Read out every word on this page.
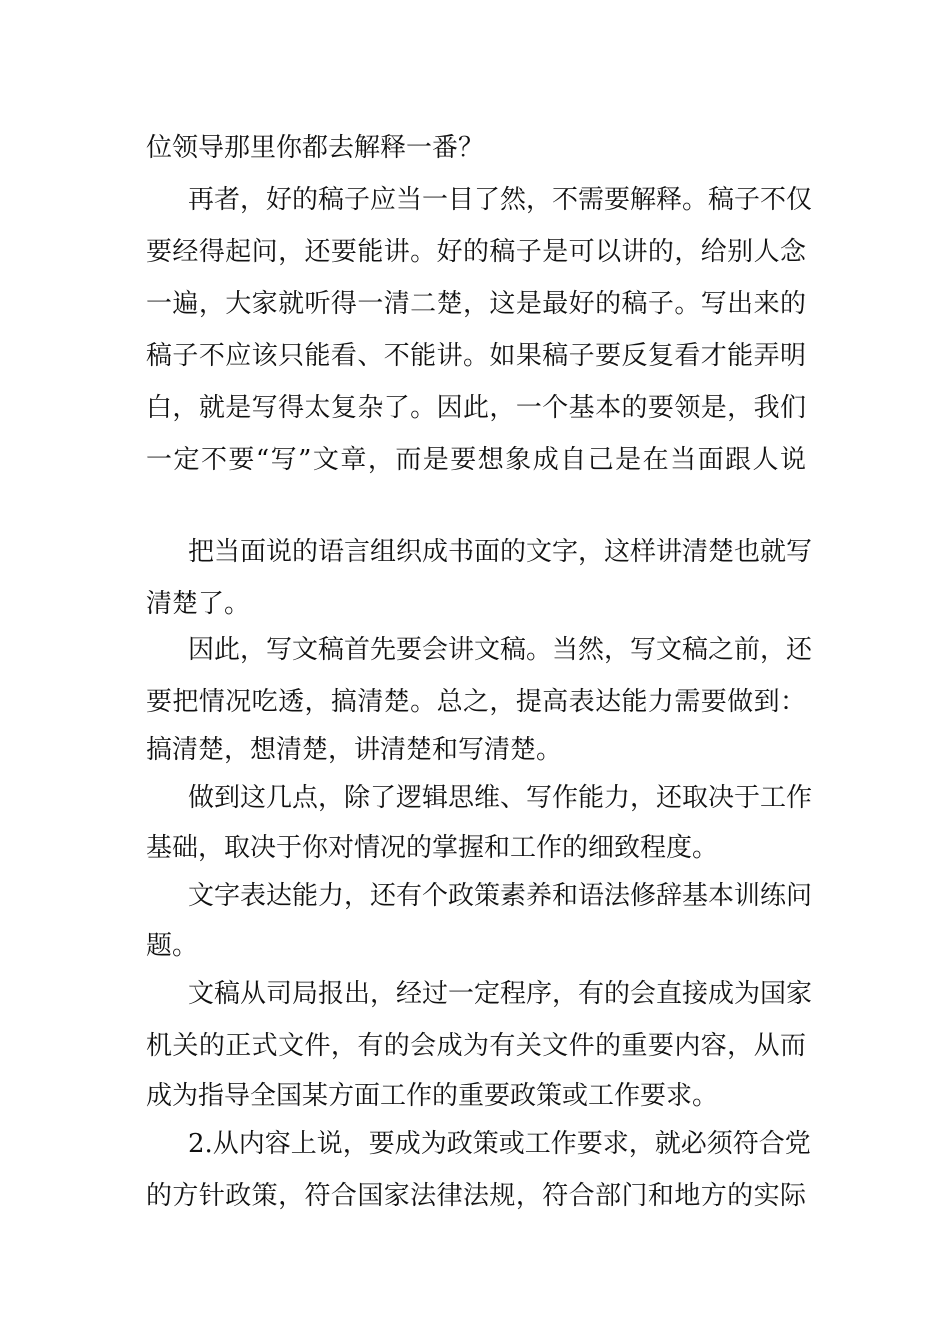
位领导那里你都去解释一番？
再者，好的稿子应当一目了然，不需要解释。稿子不仅
要经得起问，还要能讲。好的稿子是可以讲的，给别人念
一遍，大家就听得一清二楚，这是最好的稿子。写出来的
稿子不应该只能看、不能讲。如果稿子要反复看才能弄明
白，就是写得太复杂了。因此，一个基本的要领是，我们
一定不要“写”文章，而是要想象成自己是在当面跟人说
把当面说的语言组织成书面的文字，这样讲清楚也就写
清楚了。
因此，写文稿首先要会讲文稿。当然，写文稿之前，还
要把情况吃透，搞清楚。总之，提高表达能力需要做到：
搞清楚，想清楚，讲清楚和写清楚。
做到这几点，除了逻辑思维、写作能力，还取决于工作
基础，取决于你对情况的掌握和工作的细致程度。
文字表达能力，还有个政策素养和语法修辞基本训练问
题。
文稿从司局报出，经过一定程序，有的会直接成为国家
机关的正式文件，有的会成为有关文件的重要内容，从而
成为指导全国某方面工作的重要政策或工作要求。
2.从内容上说，要成为政策或工作要求，就必须符合党
的方针政策，符合国家法律法规，符合部门和地方的实际
